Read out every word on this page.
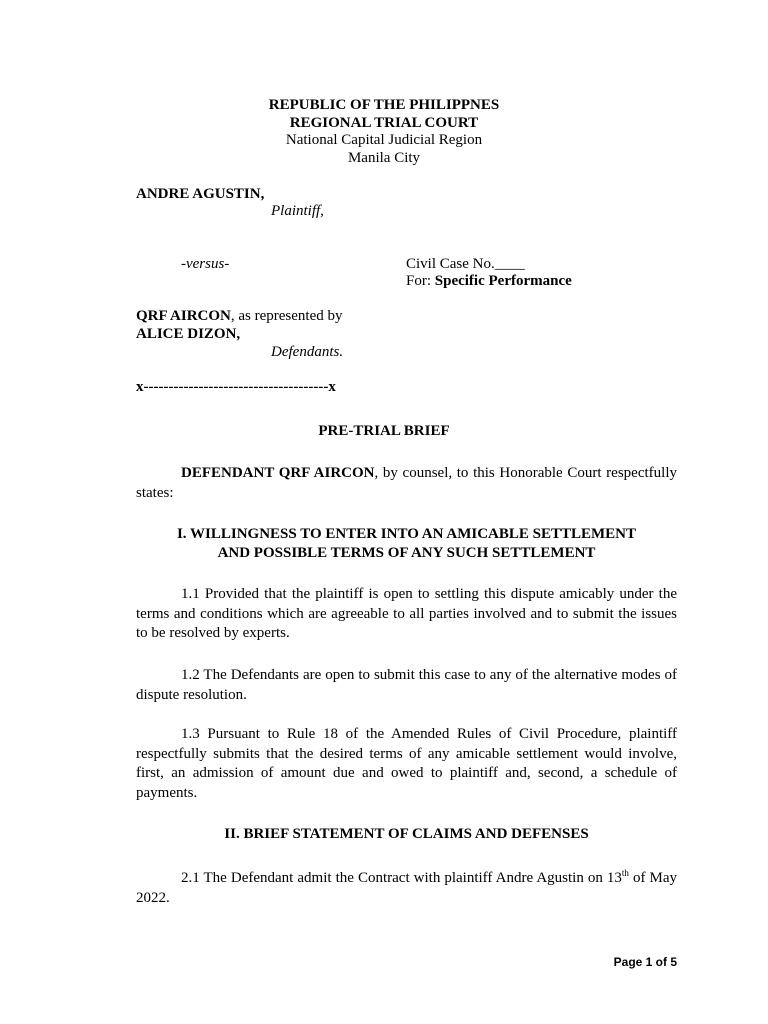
REPUBLIC OF THE PHILIPPNES
REGIONAL TRIAL COURT
National Capital Judicial Region
Manila City
ANDRE AGUSTIN,
Plaintiff,
-versus-	Civil Case No.____
For: Specific Performance
QRF AIRCON, as represented by
ALICE DIZON,
Defendants.
x-------------------------------------x
PRE-TRIAL BRIEF
DEFENDANT QRF AIRCON, by counsel, to this Honorable Court respectfully states:
I. WILLINGNESS TO ENTER INTO AN AMICABLE SETTLEMENT
AND POSSIBLE TERMS OF ANY SUCH SETTLEMENT
1.1 Provided that the plaintiff is open to settling this dispute amicably under the terms and conditions which are agreeable to all parties involved and to submit the issues to be resolved by experts.
1.2 The Defendants are open to submit this case to any of the alternative modes of dispute resolution.
1.3 Pursuant to Rule 18 of the Amended Rules of Civil Procedure, plaintiff respectfully submits that the desired terms of any amicable settlement would involve, first, an admission of amount due and owed to plaintiff and, second, a schedule of payments.
II. BRIEF STATEMENT OF CLAIMS AND DEFENSES
2.1 The Defendant admit the Contract with plaintiff Andre Agustin on 13th of May 2022.
Page 1 of 5
